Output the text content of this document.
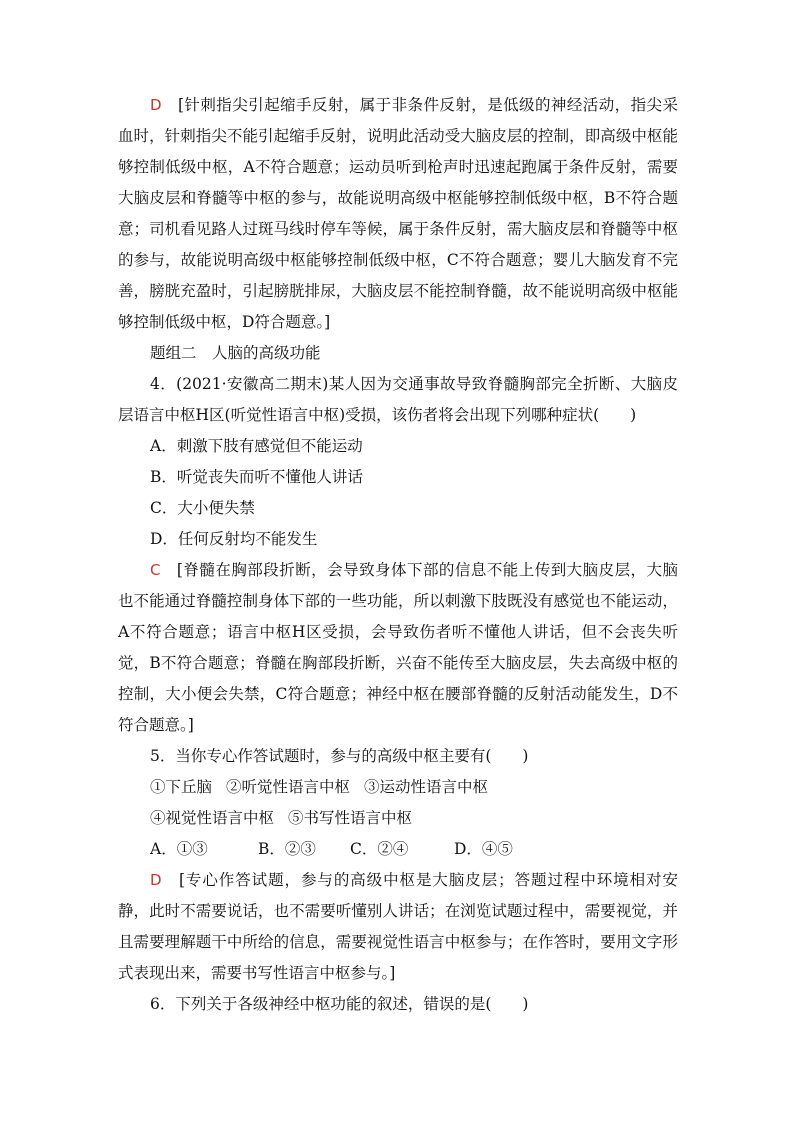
D　 [针刺指尖引起缩手反射，属于非条件反射，是低级的神经活动，指尖采血时，针刺指尖不能引起缩手反射，说明此活动受大脑皮层的控制，即高级中枢能够控制低级中枢，A不符合题意；运动员听到枪声时迅速起跑属于条件反射，需要大脑皮层和脊髓等中枢的参与，故能说明高级中枢能够控制低级中枢，B不符合题意；司机看见路人过斑马线时停车等候，属于条件反射，需大脑皮层和脊髓等中枢的参与，故能说明高级中枢能够控制低级中枢，C不符合题意；婴儿大脑发育不完善，膀胱充盈时，引起膀胱排尿，大脑皮层不能控制脊髓，故不能说明高级中枢能够控制低级中枢，D符合题意。]

题组二　人脑的高级功能

4．(2021·安徽高二期末)某人因为交通事故导致脊髓胸部完全折断、大脑皮层语言中枢H区(听觉性语言中枢)受损，该伤者将会出现下列哪种症状(　　)

A．刺激下肢有感觉但不能运动

B．听觉丧失而听不懂他人讲话

C．大小便失禁

D．任何反射均不能发生

C　 [脊髓在胸部段折断，会导致身体下部的信息不能上传到大脑皮层，大脑也不能通过脊髓控制身体下部的一些功能，所以刺激下肢既没有感觉也不能运动，A不符合题意；语言中枢H区受损，会导致伤者听不懂他人讲话，但不会丧失听觉，B不符合题意；脊髓在胸部段折断，兴奋不能传至大脑皮层，失去高级中枢的控制，大小便会失禁，C符合题意；神经中枢在腰部脊髓的反射活动能发生，D不符合题意。]

5．当你专心作答试题时，参与的高级中枢主要有(　　)

①下丘脑 ②听觉性语言中枢 ③运动性语言中枢

④视觉性语言中枢 ⑤书写性语言中枢

A．①③	B．②③ C．②④	D．④⑤

D　 [专心作答试题，参与的高级中枢是大脑皮层；答题过程中环境相对安静，此时不需要说话，也不需要听懂别人讲话；在浏览试题过程中，需要视觉，并且需要理解题干中所给的信息，需要视觉性语言中枢参与；在作答时，要用文字形式表现出来，需要书写性语言中枢参与。]

6．下列关于各级神经中枢功能的叙述，错误的是(　　)
